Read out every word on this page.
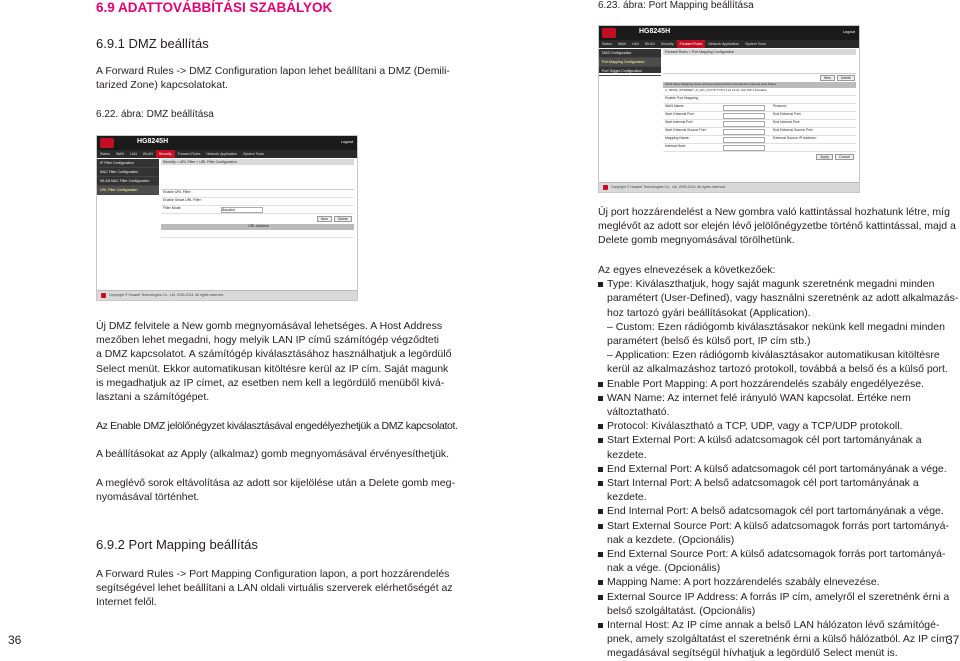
6.9 ADATTOVÁBBÍTÁSI SZABÁLYOK
6.9.1 DMZ beállítás
A Forward Rules -> DMZ Configuration lapon lehet beállítani a DMZ (Demili-
tarized Zone) kapcsolatokat.
6.22. ábra: DMZ beállítása
HG8245H	Logout
Status WAN LAN WLAN Security Forward Rules Network Application System Tools
IP Filter Configuration
MAC Filter Configuration
WLAN MAC Filter Configuration
URL Filter Configuration
Security > URL Filter > URL Filter Configuration
Enable URL Filter:
Enable Smart URL Filter:
Filter Mode:	Blacklist
New	Delete
URL Address
Copyright © Huawei Technologies Co., Ltd. 2009-2014. All rights reserved.
Új DMZ felvitele a New gomb megnyomásával lehetséges. A Host Address
mezőben lehet megadni, hogy melyik LAN IP című számítógép végződteti
a DMZ kapcsolatot. A számítógép kiválasztásához használhatjuk a legördülő
Select menüt. Ekkor automatikusan kitöltésre kerül az IP cím. Saját magunk
is megadhatjuk az IP címet, az esetben nem kell a legördülő menüből kivá-
lasztani a számítógépet.
Az Enable DMZ jelölőnégyzet kiválasztásával engedélyezhetjük a DMZ kapcsolatot.
A beállításokat az Apply (alkalmaz) gomb megnyomásával érvényesíthetjük.
A meglévő sorok eltávolítása az adott sor kijelölése után a Delete gomb meg-
nyomásával történhet.
6.9.2 Port Mapping beállítás
A Forward Rules -> Port Mapping Configuration lapon, a port hozzárendelés
segítségével lehet beállítani a LAN oldali virtuális szerverek elérhetőségét az
Internet felől.
36
6.23. ábra: Port Mapping beállítása
HG8245H	Logout
Status WAN LAN WLAN Security Forward Rules Network Application System Tools
DMZ Configuration
Port Mapping Configuration
Port Trigger Configuration
Forward Rules > Port Mapping Configuration
New	Delete
WAN Name Mapping Name Protocol External Port Internal Port Internal Host Status
2_TR069_INTERNET_R_VID_10 FTP TCP 21-21 21-21 192.168.1.6 Enable
Enable Port Mapping:
WAN Name:	Protocol:
Start External Port:	End External Port:
Start Internal Port:	End Internal Port:
Start External Source Port:	End External Source Port:
Mapping Name:	External Source IP Address:
Internal Host:
Apply	Cancel
Copyright © Huawei Technologies Co., Ltd. 2009-2014. All rights reserved.
Új port hozzárendelést a New gombra való kattintással hozhatunk létre, míg
meglévőt az adott sor elején lévő jelölőnégyzetbe történő kattintással, majd a
Delete gomb megnyomásával törölhetünk.
Az egyes elnevezések a következőek:
Type: Kiválaszthatjuk, hogy saját magunk szeretnénk megadni minden
paramétert (User-Defined), vagy használni szeretnénk az adott alkalmazás-
hoz tartozó gyári beállításokat (Application).
– Custom: Ezen rádiógomb kiválasztásakor nekünk kell megadni minden
paramétert (belső és külső port, IP cím stb.)
– Application: Ezen rádiógomb kiválasztásakor automatikusan kitöltésre
kerül az alkalmazáshoz tartozó protokoll, továbbá a belső és a külső port.
Enable Port Mapping: A port hozzárendelés szabály engedélyezése.
WAN Name: Az internet felé irányuló WAN kapcsolat. Értéke nem változtatható.
Protocol: Kiválasztható a TCP, UDP, vagy a TCP/UDP protokoll.
Start External Port: A külső adatcsomagok cél port tartományának a kezdete.
End External Port: A külső adatcsomagok cél port tartományának a vége.
Start Internal Port: A belső adatcsomagok cél port tartományának a kezdete.
End Internal Port: A belső adatcsomagok cél port tartományának a vége.
Start External Source Port: A külső adatcsomagok forrás port tartományá-
nak a kezdete. (Opcionális)
End External Source Port: A külső adatcsomagok forrás port tartományá-
nak a vége. (Opcionális)
Mapping Name: A port hozzárendelés szabály elnevezése.
External Source IP Address: A forrás IP cím, amelyről el szeretnénk érni a
belső szolgáltatást. (Opcionális)
Internal Host: Az IP címe annak a belső LAN hálózaton lévő számítógé-
pnek, amely szolgáltatást el szeretnénk érni a külső hálózatból. Az IP cím
megadásával segítségül hívhatjuk a legördülő Select menüt is.
37
